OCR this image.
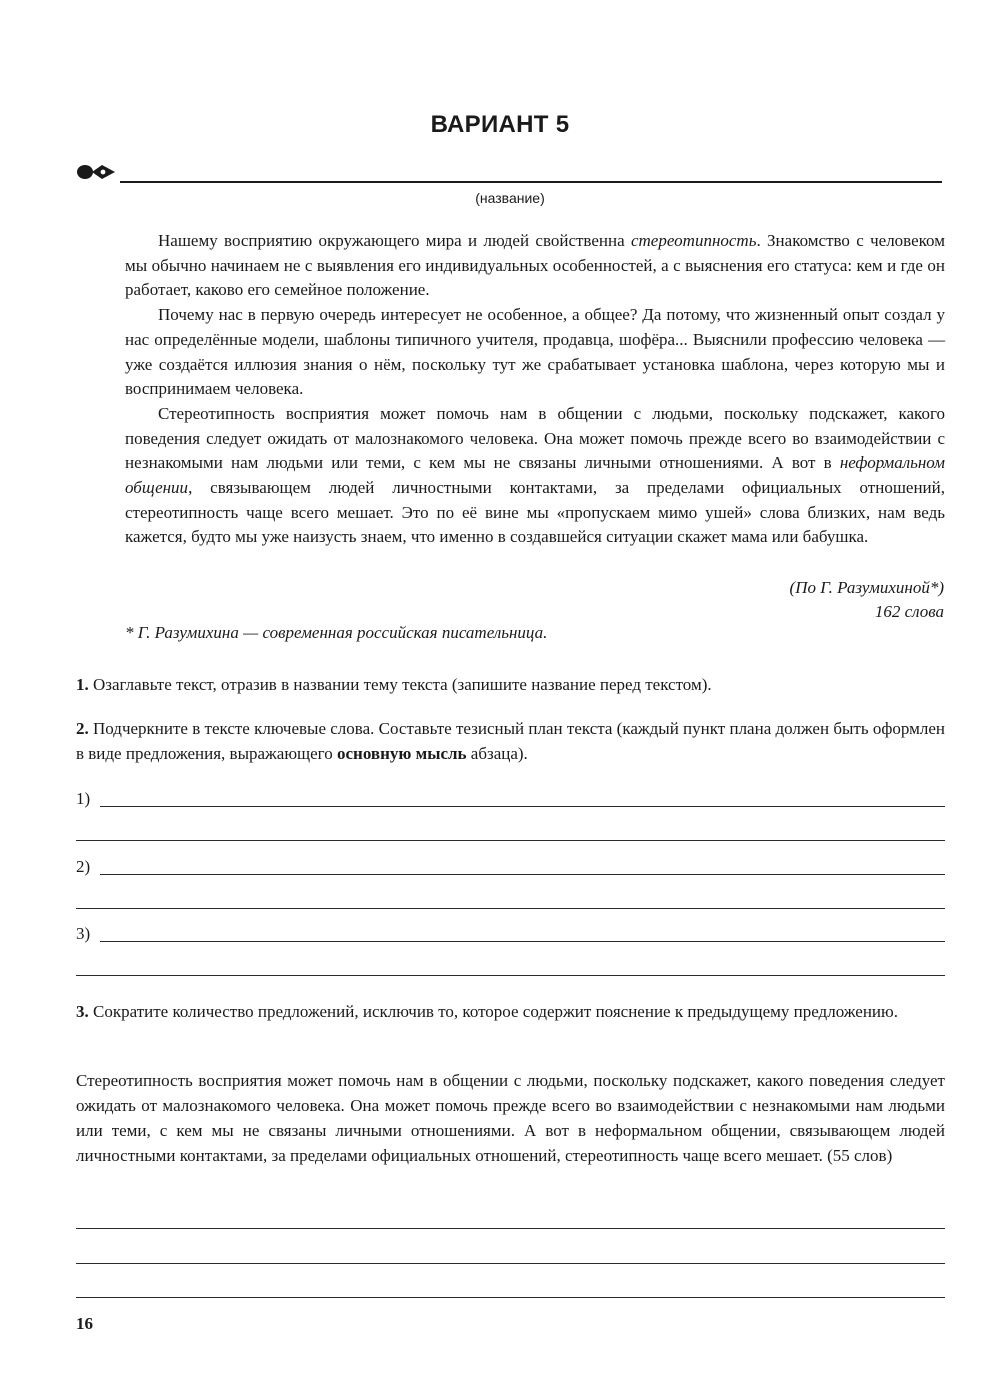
ВАРИАНТ 5
(название)

Нашему восприятию окружающего мира и людей свойственна стереотипность. Знакомство с человеком мы обычно начинаем не с выявления его индивидуальных особенностей, а с выяснения его статуса: кем и где он работает, каково его семейное положение.

Почему нас в первую очередь интересует не особенное, а общее? Да потому, что жизненный опыт создал у нас определённые модели, шаблоны типичного учителя, продавца, шофёра... Выяснили профессию человека — уже создаётся иллюзия знания о нём, поскольку тут же срабатывает установка шаблона, через которую мы и воспринимаем человека.

Стереотипность восприятия может помочь нам в общении с людьми, поскольку подскажет, какого поведения следует ожидать от малознакомого человека. Она может помочь прежде всего во взаимодействии с незнакомыми нам людьми или теми, с кем мы не связаны личными отношениями. А вот в неформальном общении, связывающем людей личностными контактами, за пределами официальных отношений, стереотипность чаще всего мешает. Это по её вине мы «пропускаем мимо ушей» слова близких, нам ведь кажется, будто мы уже наизусть знаем, что именно в создавшейся ситуации скажет мама или бабушка.

(По Г. Разумихиной*)
162 слова
* Г. Разумихина — современная российская писательница.
1. Озаглавьте текст, отразив в названии тему текста (запишите название перед текстом).
2. Подчеркните в тексте ключевые слова. Составьте тезисный план текста (каждый пункт плана должен быть оформлен в виде предложения, выражающего основную мысль абзаца).
1)
2)
3)
3. Сократите количество предложений, исключив то, которое содержит пояснение к предыдущему предложению.
Стереотипность восприятия может помочь нам в общении с людьми, поскольку подскажет, какого поведения следует ожидать от малознакомого человека. Она может помочь прежде всего во взаимодействии с незнакомыми нам людьми или теми, с кем мы не связаны личными отношениями. А вот в неформальном общении, связывающем людей личностными контактами, за пределами официальных отношений, стереотипность чаще всего мешает. (55 слов)
16
